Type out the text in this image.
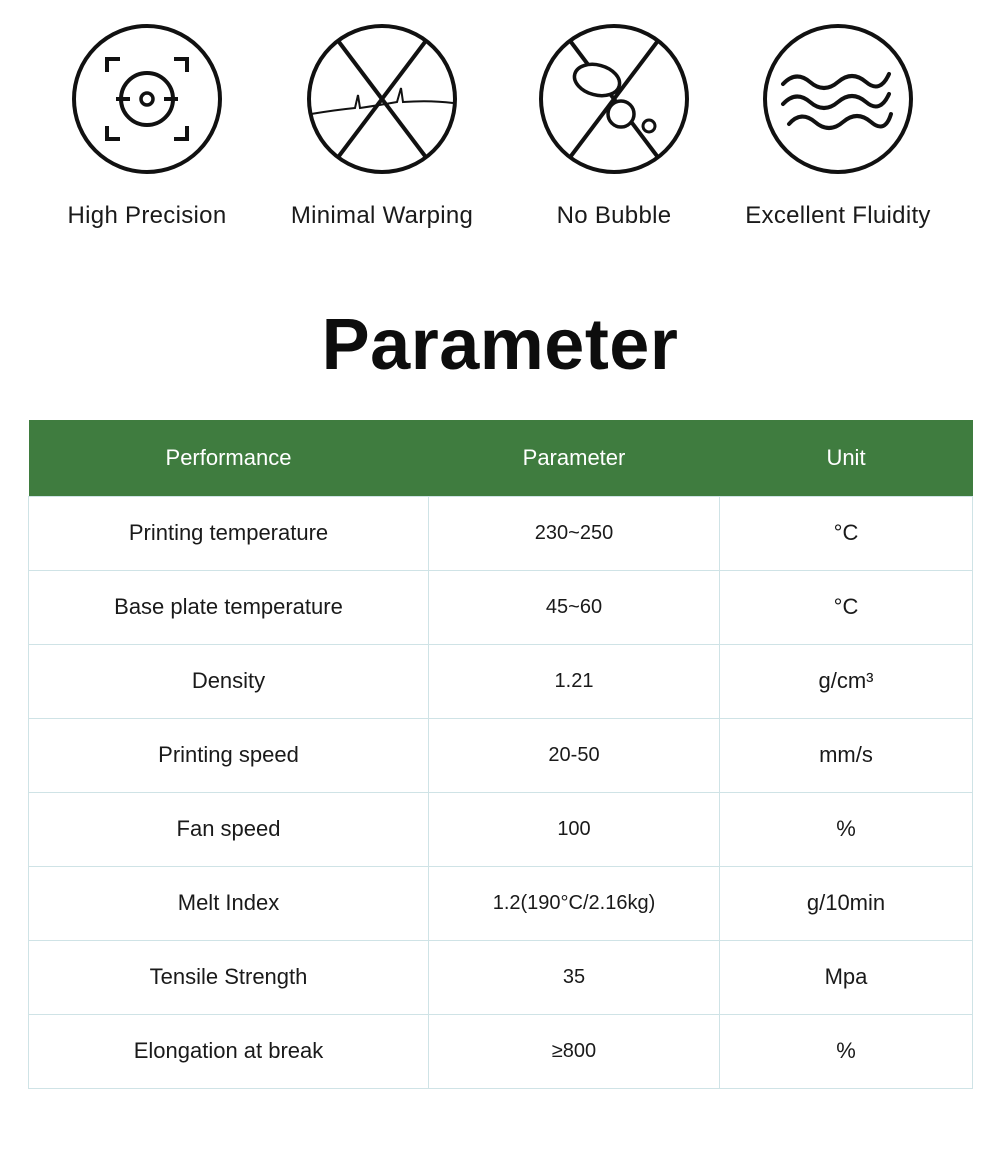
High Precision	Minimal Warping	No Bubble	Excellent Fluidity
Parameter
Performance	Parameter	Unit
Printing temperature	230~250	°C
Base plate temperature	45~60	°C
Density	1.21	g/cm³
Printing speed	20-50	mm/s
Fan speed	100	%
Melt Index	1.2(190°C/2.16kg)	g/10min
Tensile Strength	35	Mpa
Elongation at break	≥800	%
